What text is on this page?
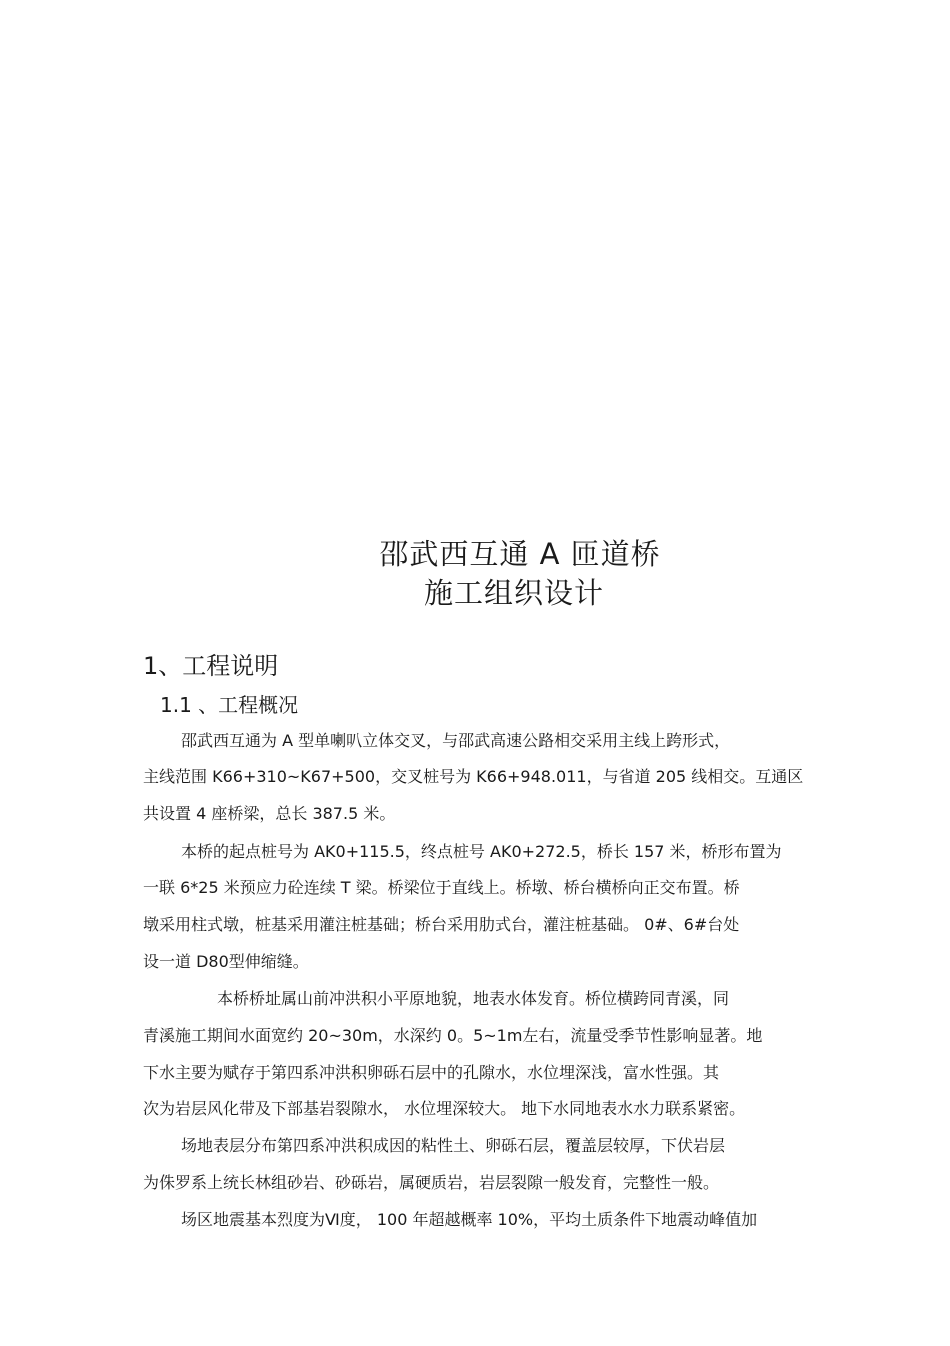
邵武西互通 A 匝道桥
施工组织设计
1、工程说明
1.1 、工程概况
邵武西互通为 A 型单喇叭立体交叉，与邵武高速公路相交采用主线上跨形式，
主线范围 K66+310~K67+500，交叉桩号为 K66+948.011，与省道 205 线相交。互通区
共设置 4 座桥梁，总长 387.5 米。
本桥的起点桩号为 AK0+115.5，终点桩号 AK0+272.5，桥长 157 米，桥形布置为
一联 6*25 米预应力砼连续 T 梁。桥梁位于直线上。桥墩、桥台横桥向正交布置。桥
墩采用柱式墩，桩基采用灌注桩基础；桥台采用肋式台，灌注桩基础。 0#、6#台处
设一道 D80型伸缩缝。
本桥桥址属山前冲洪积小平原地貌，地表水体发育。桥位横跨同青溪，同
青溪施工期间水面宽约 20~30m，水深约 0。5~1m左右，流量受季节性影响显著。地
下水主要为赋存于第四系冲洪积卵砾石层中的孔隙水，水位埋深浅，富水性强。其
次为岩层风化带及下部基岩裂隙水， 水位埋深较大。 地下水同地表水水力联系紧密。
场地表层分布第四系冲洪积成因的粘性土、卵砾石层，覆盖层较厚，下伏岩层
为侏罗系上统长林组砂岩、砂砾岩，属硬质岩，岩层裂隙一般发育，完整性一般。
场区地震基本烈度为Ⅵ度， 100 年超越概率 10%，平均土质条件下地震动峰值加
